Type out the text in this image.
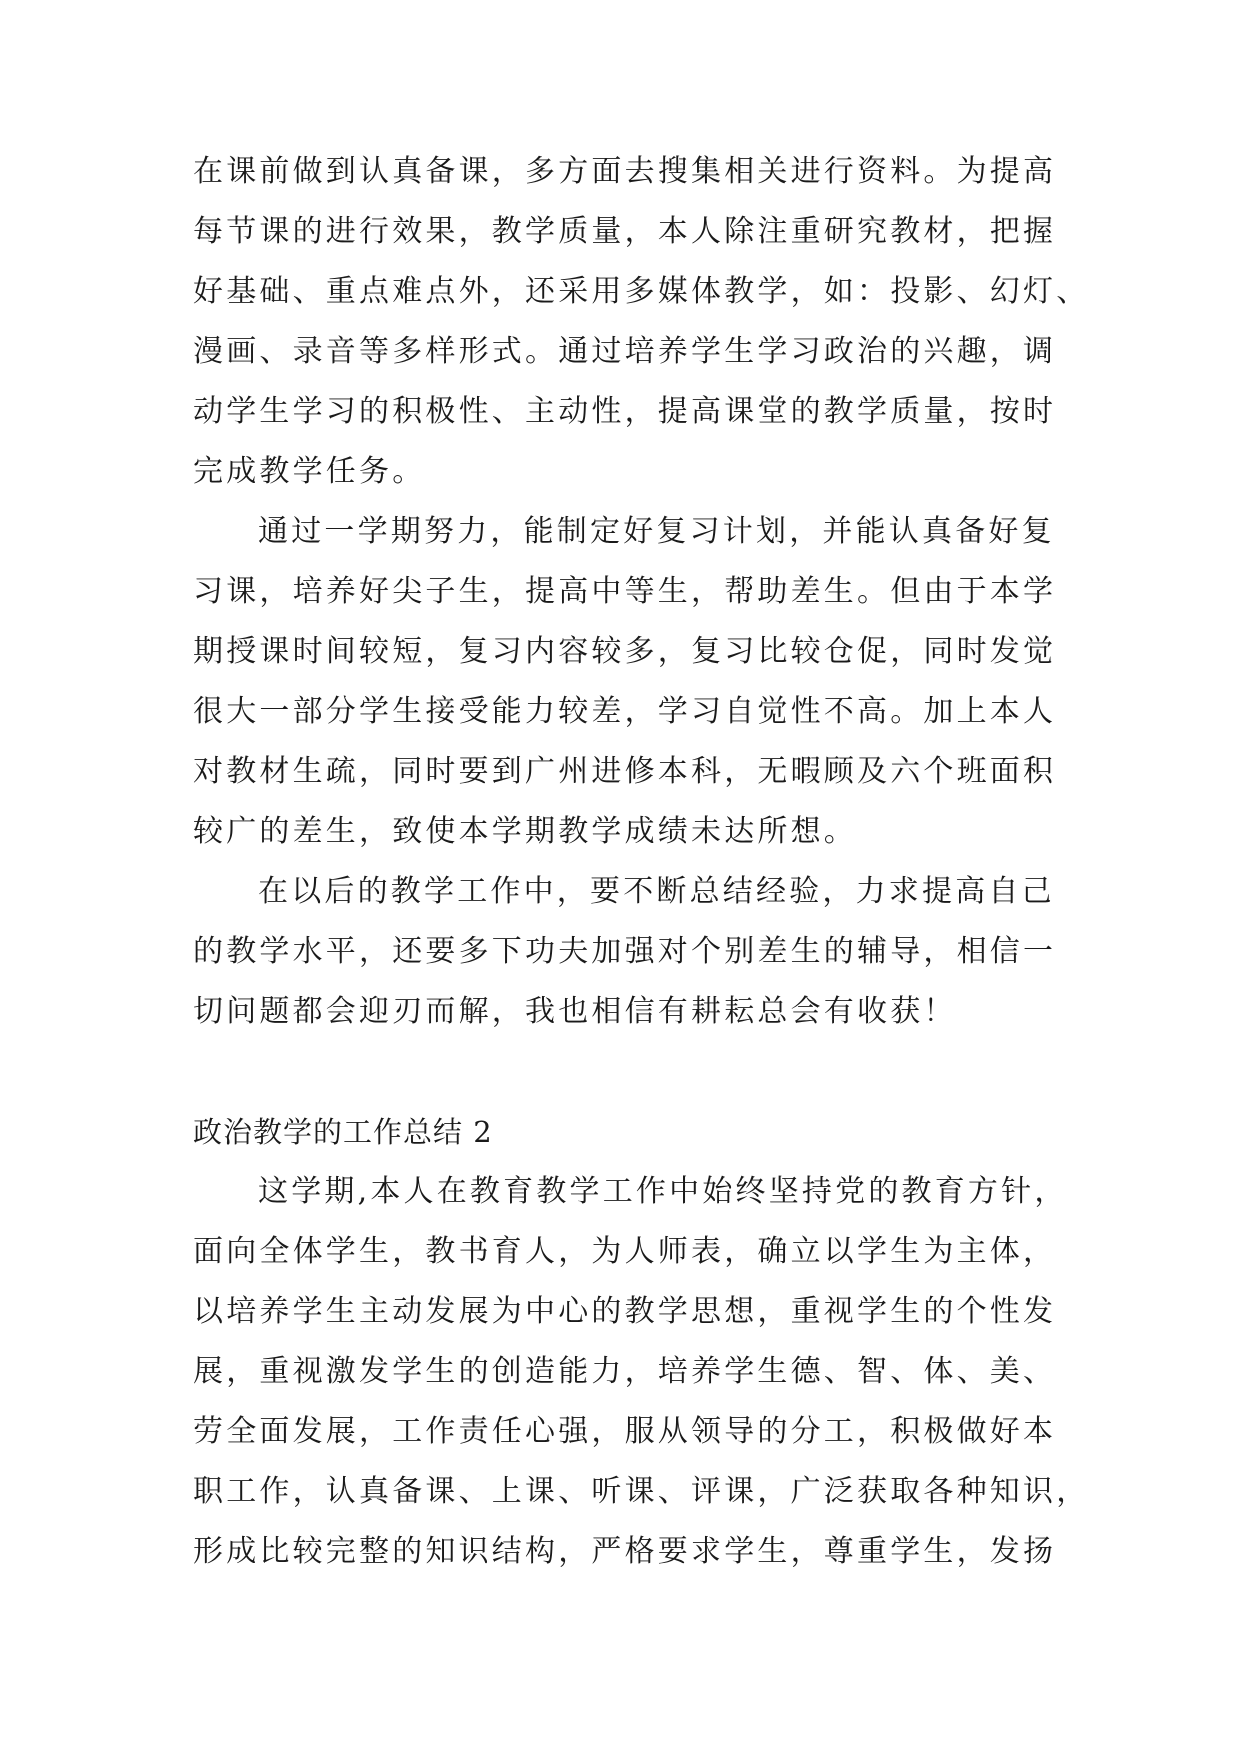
在课前做到认真备课，多方面去搜集相关进行资料。为提高
每节课的进行效果，教学质量，本人除注重研究教材，把握
好基础、重点难点外，还采用多媒体教学，如：投影、幻灯、
漫画、录音等多样形式。通过培养学生学习政治的兴趣，调
动学生学习的积极性、主动性，提高课堂的教学质量，按时
完成教学任务。
通过一学期努力，能制定好复习计划，并能认真备好复
习课，培养好尖子生，提高中等生，帮助差生。但由于本学
期授课时间较短，复习内容较多，复习比较仓促，同时发觉
很大一部分学生接受能力较差，学习自觉性不高。加上本人
对教材生疏，同时要到广州进修本科，无暇顾及六个班面积
较广的差生，致使本学期教学成绩未达所想。
在以后的教学工作中，要不断总结经验，力求提高自己
的教学水平，还要多下功夫加强对个别差生的辅导，相信一
切问题都会迎刃而解，我也相信有耕耘总会有收获！
政治教学的工作总结 2
这学期,本人在教育教学工作中始终坚持党的教育方针，
面向全体学生，教书育人，为人师表，确立以学生为主体，
以培养学生主动发展为中心的教学思想，重视学生的个性发
展，重视激发学生的创造能力，培养学生德、智、体、美、
劳全面发展，工作责任心强，服从领导的分工，积极做好本
职工作，认真备课、上课、听课、评课，广泛获取各种知识，
形成比较完整的知识结构，严格要求学生，尊重学生，发扬
